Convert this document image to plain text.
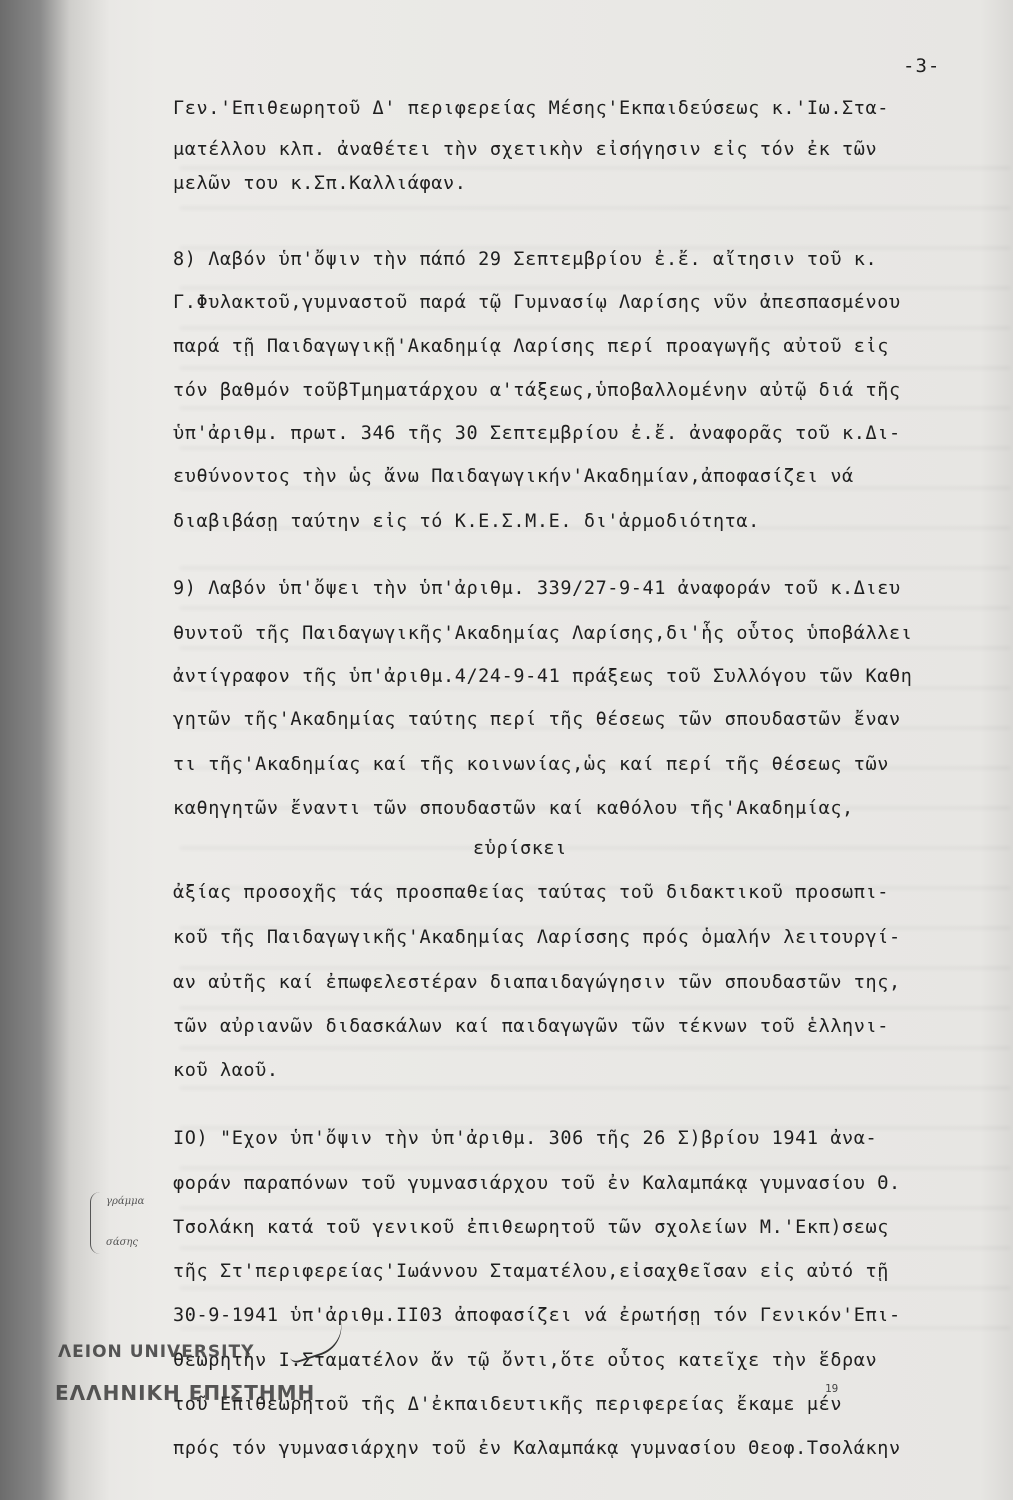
-3-
Γεν.'Επιθεωρητοῦ Δ' περιφερείας Μέσης'Εκπαιδεύσεως κ.'Ιω.Στα-
ματέλλου κλπ. ἀναθέτει τὴν σχετικὴν εἰσήγησιν εἰς τόν ἐκ τῶν
μελῶν του κ.Σπ.Καλλιάφαν.
8) Λαβόν ὑπ'ὄψιν τὴν πάπό 29 Σεπτεμβρίου ἐ.ἔ. αἴτησιν τοῦ κ.
Γ.Φυλακτοῦ,γυμναστοῦ παρά τῷ Γυμνασίῳ Λαρίσης νῦν ἀπεσπασμένου
παρά τῇ Παιδαγωγικῇ'Ακαδημίᾳ Λαρίσης περί προαγωγῆς αὐτοῦ εἰς
τόν βαθμόν τοῦβΤμηματάρχου α'τάξεως,ὑποβαλλομένην αὐτῷ διά τῆς
ὑπ'ἀριθμ. πρωτ. 346 τῆς 30 Σεπτεμβρίου ἐ.ἔ. ἀναφορᾶς τοῦ κ.Δι-
ευθύνοντος τὴν ὡς ἄνω Παιδαγωγικήν'Ακαδημίαν,ἀποφασίζει νά
διαβιβάσῃ ταύτην εἰς τό Κ.Ε.Σ.Μ.Ε. δι'ἁρμοδιότητα.
9) Λαβόν ὑπ'ὄψει τὴν ὑπ'ἀριθμ. 339/27-9-41 ἀναφοράν τοῦ κ.Διευ
θυντοῦ τῆς Παιδαγωγικῆς'Ακαδημίας Λαρίσης,δι'ἧς οὗτος ὑποβάλλει
ἀντίγραφον τῆς ὑπ'ἀριθμ.4/24-9-41 πράξεως τοῦ Συλλόγου τῶν Καθη
γητῶν τῆς'Ακαδημίας ταύτης περί τῆς θέσεως τῶν σπουδαστῶν ἔναν
τι τῆς'Ακαδημίας καί τῆς κοινωνίας,ὡς καί περί τῆς θέσεως τῶν
καθηγητῶν ἔναντι τῶν σπουδαστῶν καί καθόλου τῆς'Ακαδημίας,
εὑρίσκει
ἀξίας προσοχῆς τάς προσπαθείας ταύτας τοῦ διδακτικοῦ προσωπι-
κοῦ τῆς Παιδαγωγικῆς'Ακαδημίας Λαρίσσης πρός ὁμαλήν λειτουργί-
αν αὐτῆς καί ἐπωφελεστέραν διαπαιδαγώγησιν τῶν σπουδαστῶν της,
τῶν αὐριανῶν διδασκάλων καί παιδαγωγῶν τῶν τέκνων τοῦ ἑλληνι-
κοῦ λαοῦ.
ΙΟ) "Εχον ὑπ'ὄψιν τὴν ὑπ'ἀριθμ. 306 τῆς 26 Σ)βρίου 1941 ἀνα-
φοράν παραπόνων τοῦ γυμνασιάρχου τοῦ ἐν Καλαμπάκᾳ γυμνασίου Θ.
Τσολάκη κατά τοῦ γενικοῦ ἐπιθεωρητοῦ τῶν σχολείων Μ.'Εκπ)σεως
τῆς Στ'περιφερείας'Ιωάννου Σταματέλου,εἰσαχθεῖσαν εἰς αὐτό τῇ
30-9-1941 ὑπ'ἀριθμ.ΙΙ03 ἀποφασίζει νά ἐρωτήσῃ τόν Γενικόν'Επι-
θεωρητὴν Ι.Σταματέλον ἄν τῷ ὄντι,ὅτε οὗτος κατεῖχε τὴν ἕδραν
τοῦ Επιθεωρητοῦ τῆς Δ'ἐκπαιδευτικῆς περιφερείας ἔκαμε μέν
πρός τόν γυμνασιάρχην τοῦ ἐν Καλαμπάκᾳ γυμνασίου Θεοφ.Τσολάκην
γράμμα
σάσης
ΛΕΙΟΝ UNIVERSITY
ΕΛΛΗΝΙΚΗ ΕΠΙΣΤΗΜΗ	19
